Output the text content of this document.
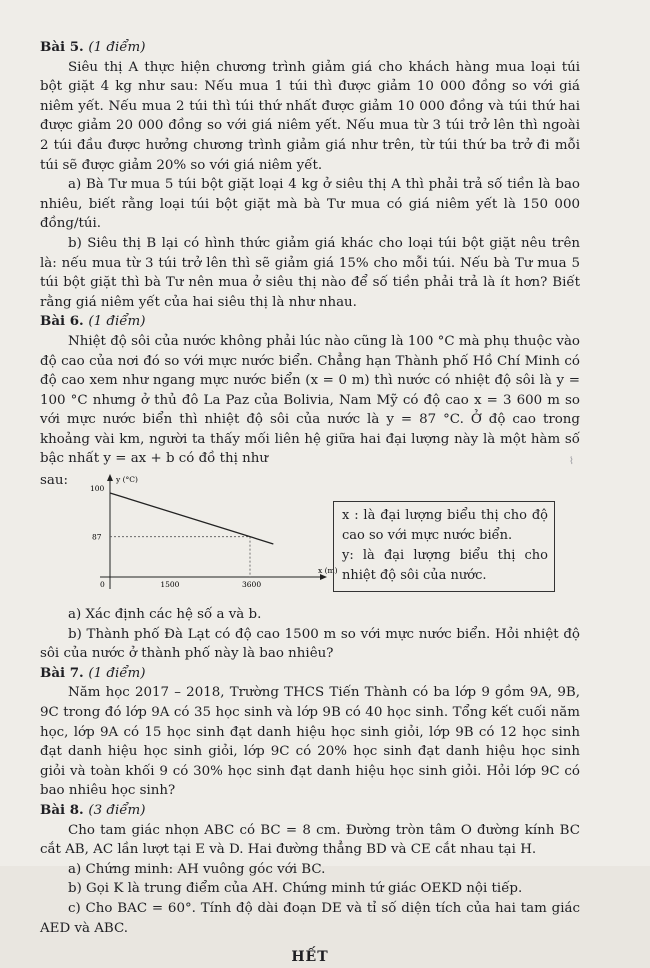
Bài 5. (1 điểm)

Siêu thị A thực hiện chương trình giảm giá cho khách hàng mua loại túi bột giặt 4 kg như sau: Nếu mua 1 túi thì được giảm 10 000 đồng so với giá niêm yết. Nếu mua 2 túi thì túi thứ nhất được giảm 10 000 đồng và túi thứ hai được giảm 20 000 đồng so với giá niêm yết. Nếu mua từ 3 túi trở lên thì ngoài 2 túi đầu được hưởng chương trình giảm giá như trên, từ túi thứ ba trở đi mỗi túi sẽ được giảm 20% so với giá niêm yết.

a) Bà Tư mua 5 túi bột giặt loại 4 kg ở siêu thị A thì phải trả số tiền là bao nhiêu, biết rằng loại túi bột giặt mà bà Tư mua có giá niêm yết là 150 000 đồng/túi.

b) Siêu thị B lại có hình thức giảm giá khác cho loại túi bột giặt nêu trên là: nếu mua từ 3 túi trở lên thì sẽ giảm giá 15% cho mỗi túi. Nếu bà Tư mua 5 túi bột giặt thì bà Tư nên mua ở siêu thị nào để số tiền phải trả là ít hơn? Biết rằng giá niêm yết của hai siêu thị là như nhau.

Bài 6. (1 điểm)

Nhiệt độ sôi của nước không phải lúc nào cũng là 100 °C mà phụ thuộc vào độ cao của nơi đó so với mực nước biển. Chẳng hạn Thành phố Hồ Chí Minh có độ cao xem như ngang mực nước biển (x = 0 m) thì nước có nhiệt độ sôi là y = 100 °C nhưng ở thủ đô La Paz của Bolivia, Nam Mỹ có độ cao x = 3 600 m so với mực nước biển thì nhiệt độ sôi của nước là y = 87 °C. Ở độ cao trong khoảng vài km, người ta thấy mối liên hệ giữa hai đại lượng này là một hàm số bậc nhất y = ax + b có đồ thị như

sau:	y (°C)
x (m)
100
87
0	1500	3600
x : là đại lượng biểu thị cho độ cao so với mực nước biển.
y: là đại lượng biểu thị cho nhiệt độ sôi của nước.

a) Xác định các hệ số a và b.

b) Thành phố Đà Lạt có độ cao 1500 m so với mực nước biển. Hỏi nhiệt độ sôi của nước ở thành phố này là bao nhiêu?

Bài 7. (1 điểm)

Năm học 2017 – 2018, Trường THCS Tiến Thành có ba lớp 9 gồm 9A, 9B, 9C trong đó lớp 9A có 35 học sinh và lớp 9B có 40 học sinh. Tổng kết cuối năm học, lớp 9A có 15 học sinh đạt danh hiệu học sinh giỏi, lớp 9B có 12 học sinh đạt danh hiệu học sinh giỏi, lớp 9C có 20% học sinh đạt danh hiệu học sinh giỏi và toàn khối 9 có 30% học sinh đạt danh hiệu học sinh giỏi. Hỏi lớp 9C có bao nhiêu học sinh?

Bài 8. (3 điểm)

Cho tam giác nhọn ABC có BC = 8 cm. Đường tròn tâm O đường kính BC cắt AB, AC lần lượt tại E và D. Hai đường thẳng BD và CE cắt nhau tại H.

a) Chứng minh: AH vuông góc với BC.

b) Gọi K là trung điểm của AH. Chứng minh tứ giác OEKD nội tiếp.

c) Cho BAC = 60°. Tính độ dài đoạn DE và tỉ số diện tích của hai tam giác AED và ABC.

HẾT
⌇
